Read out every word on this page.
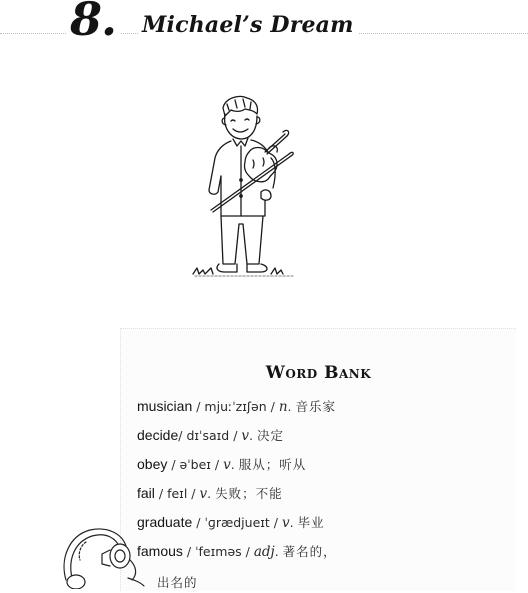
8. Michael’s Dream
Word Bank
musician / mjuːˈzɪʃən / n. 音乐家
decide/ dɪˈsaɪd / v. 决定
obey / əˈbeɪ / v. 服从；听从
fail / feɪl / v. 失败；不能
graduate / ˈɡrædjueɪt / v. 毕业
famous / ˈfeɪməs / adj. 著名的，
出名的
